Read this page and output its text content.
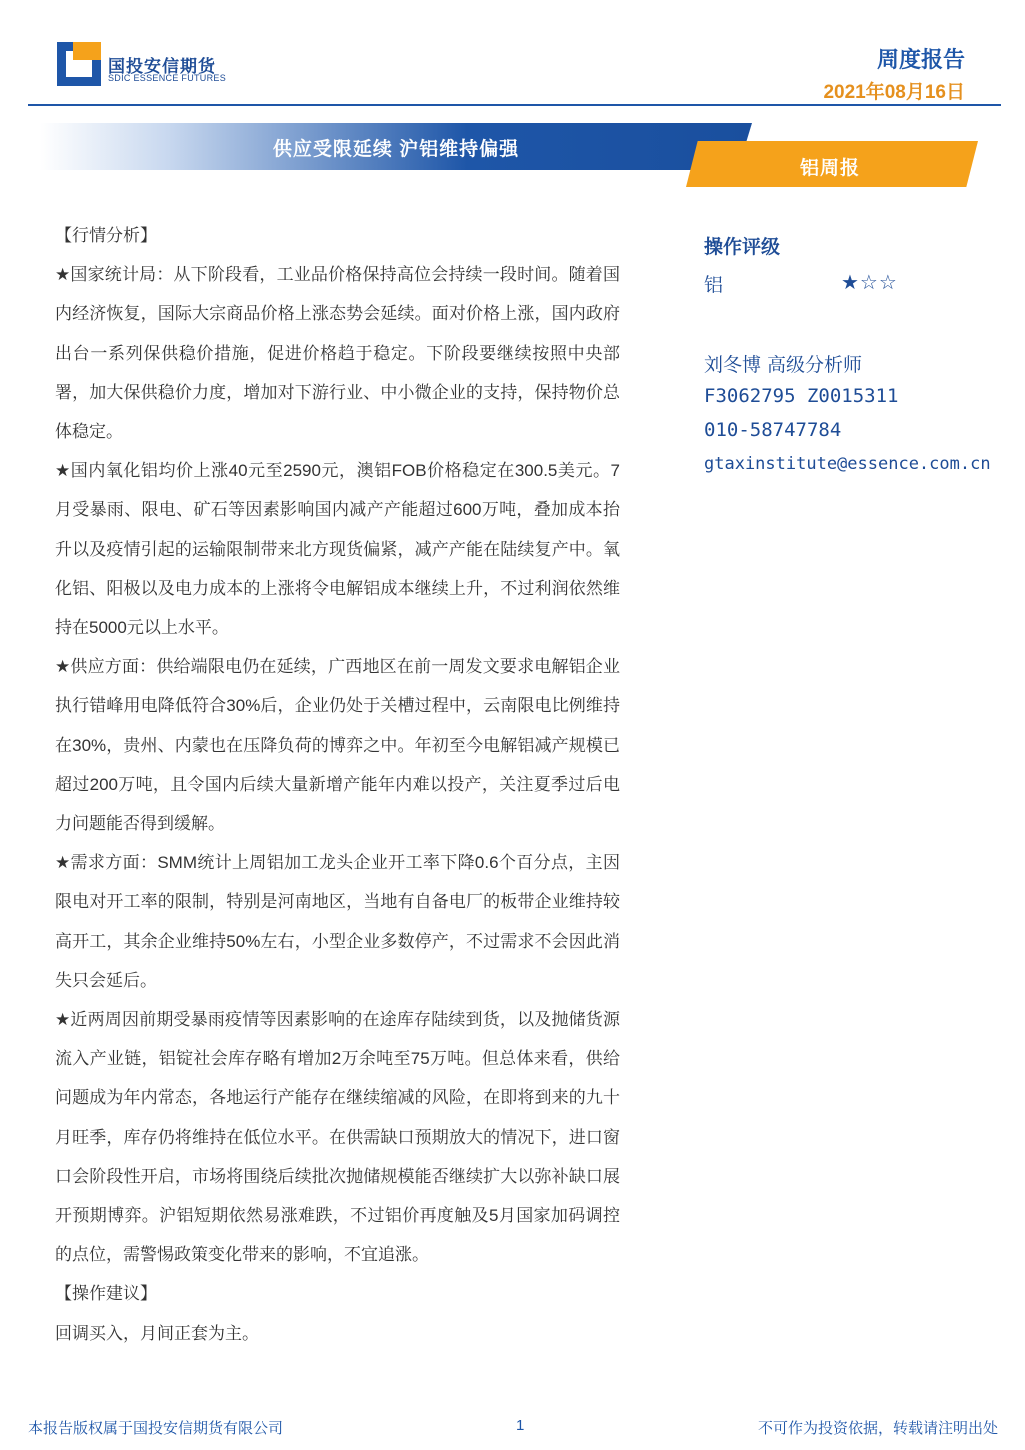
国投安信期货
SDIC ESSENCE FUTURES
周度报告
2021年08月16日
供应受限延续 沪铝维持偏强
铝周报

【行情分析】

★国家统计局：从下阶段看，工业品价格保持高位会持续一段时间。随着国内经济恢复，国际大宗商品价格上涨态势会延续。面对价格上涨，国内政府出台一系列保供稳价措施，促进价格趋于稳定。下阶段要继续按照中央部署，加大保供稳价力度，增加对下游行业、中小微企业的支持，保持物价总体稳定。

★国内氧化铝均价上涨40元至2590元，澳铝FOB价格稳定在300.5美元。7月受暴雨、限电、矿石等因素影响国内减产产能超过600万吨，叠加成本抬升以及疫情引起的运输限制带来北方现货偏紧，减产产能在陆续复产中。氧化铝、阳极以及电力成本的上涨将令电解铝成本继续上升，不过利润依然维持在5000元以上水平。

★供应方面：供给端限电仍在延续，广西地区在前一周发文要求电解铝企业执行错峰用电降低符合30%后，企业仍处于关槽过程中，云南限电比例维持在30%，贵州、内蒙也在压降负荷的博弈之中。年初至今电解铝减产规模已超过200万吨，且令国内后续大量新增产能年内难以投产，关注夏季过后电力问题能否得到缓解。

★需求方面：SMM统计上周铝加工龙头企业开工率下降0.6个百分点，主因限电对开工率的限制，特别是河南地区，当地有自备电厂的板带企业维持较高开工，其余企业维持50%左右，小型企业多数停产，不过需求不会因此消失只会延后。

★近两周因前期受暴雨疫情等因素影响的在途库存陆续到货，以及抛储货源流入产业链，铝锭社会库存略有增加2万余吨至75万吨。但总体来看，供给问题成为年内常态，各地运行产能存在继续缩减的风险，在即将到来的九十月旺季，库存仍将维持在低位水平。在供需缺口预期放大的情况下，进口窗口会阶段性开启，市场将围绕后续批次抛储规模能否继续扩大以弥补缺口展开预期博弈。沪铝短期依然易涨难跌，不过铝价再度触及5月国家加码调控的点位，需警惕政策变化带来的影响，不宜追涨。

【操作建议】

回调买入，月间正套为主。

操作评级
铝	★☆☆
刘冬博 高级分析师
F3062795 Z0015311
010-58747784
gtaxinstitute@essence.com.cn
本报告版权属于国投安信期货有限公司	1	不可作为投资依据，转载请注明出处
